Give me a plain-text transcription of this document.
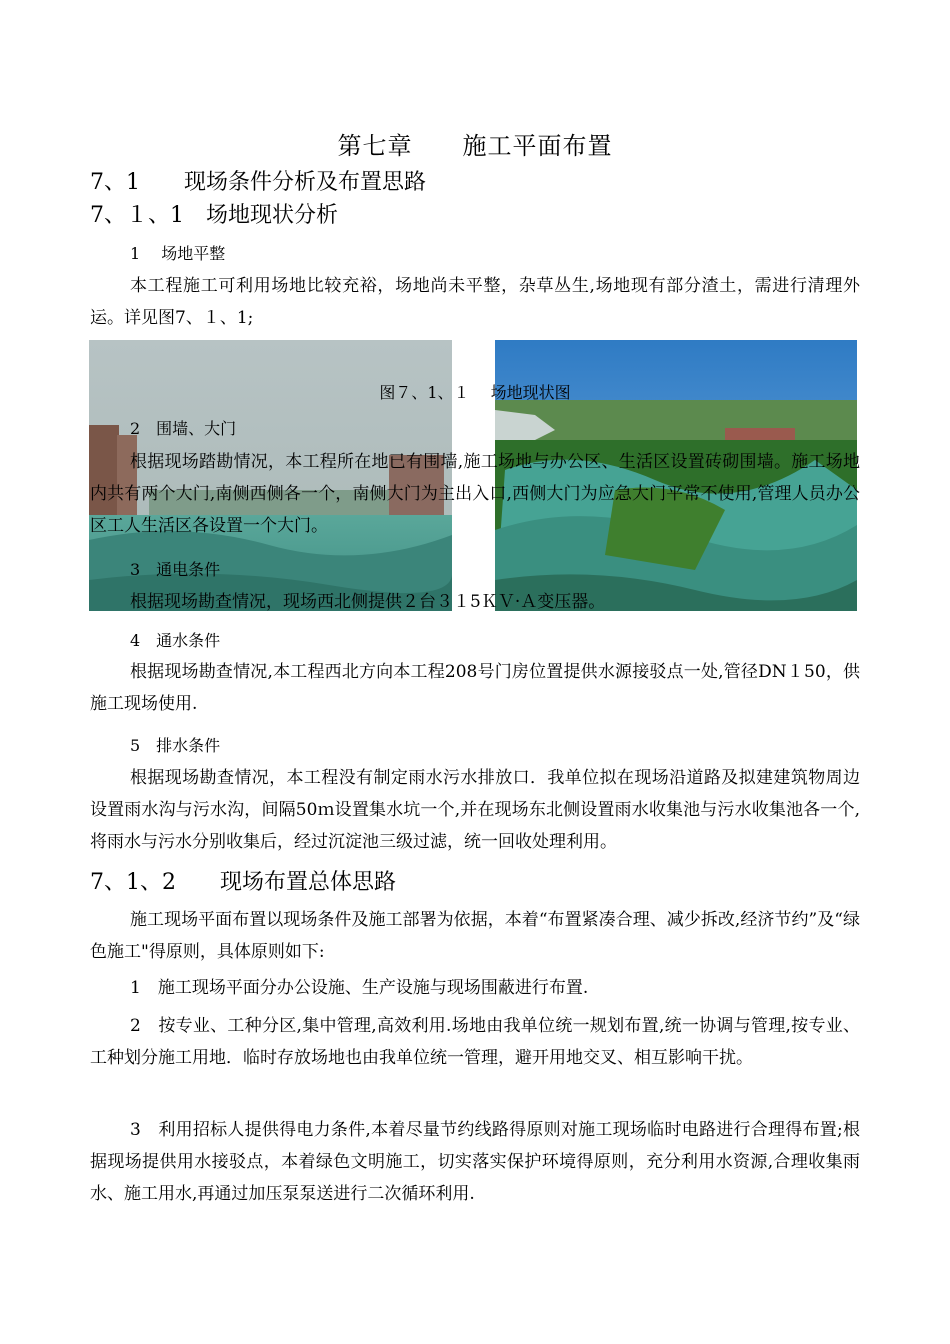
第七章　　施工平面布置
7、1　　现场条件分析及布置思路
7、１、1　场地现状分析
1　 场地平整
本工程施工可利用场地比较充裕，场地尚未平整，杂草丛生,场地现有部分渣土，需进行清理外运。详见图7、１、1;
图７、1、１　 场地现状图
2　围墙、大门
根据现场踏勘情况，本工程所在地已有围墙,施工场地与办公区、生活区设置砖砌围墙。施工场地内共有两个大门,南侧西侧各一个，南侧大门为主出入口,西侧大门为应急大门平常不使用,管理人员办公区工人生活区各设置一个大门。
3　通电条件
根据现场勘查情况，现场西北侧提供２台３１5ＫＶ·Ａ变压器。
4　通水条件
根据现场勘查情况,本工程西北方向本工程208号门房位置提供水源接驳点一处,管径DN１50，供施工现场使用.
5　排水条件
根据现场勘查情况，本工程没有制定雨水污水排放口．我单位拟在现场沿道路及拟建建筑物周边设置雨水沟与污水沟，间隔50ｍ设置集水坑一个,并在现场东北侧设置雨水收集池与污水收集池各一个,将雨水与污水分别收集后，经过沉淀池三级过滤，统一回收处理利用。
7、1、2　　现场布置总体思路
施工现场平面布置以现场条件及施工部署为依据，本着“布置紧凑合理、减少拆改,经济节约”及“绿色施工"得原则，具体原则如下:
1　施工现场平面分办公设施、生产设施与现场围蔽进行布置.
2　按专业、工种分区,集中管理,高效利用.场地由我单位统一规划布置,统一协调与管理,按专业、工种划分施工用地．临时存放场地也由我单位统一管理，避开用地交叉、相互影响干扰。
3　利用招标人提供得电力条件,本着尽量节约线路得原则对施工现场临时电路进行合理得布置;根据现场提供用水接驳点，本着绿色文明施工，切实落实保护环境得原则，充分利用水资源,合理收集雨水、施工用水,再通过加压泵泵送进行二次循环利用.
